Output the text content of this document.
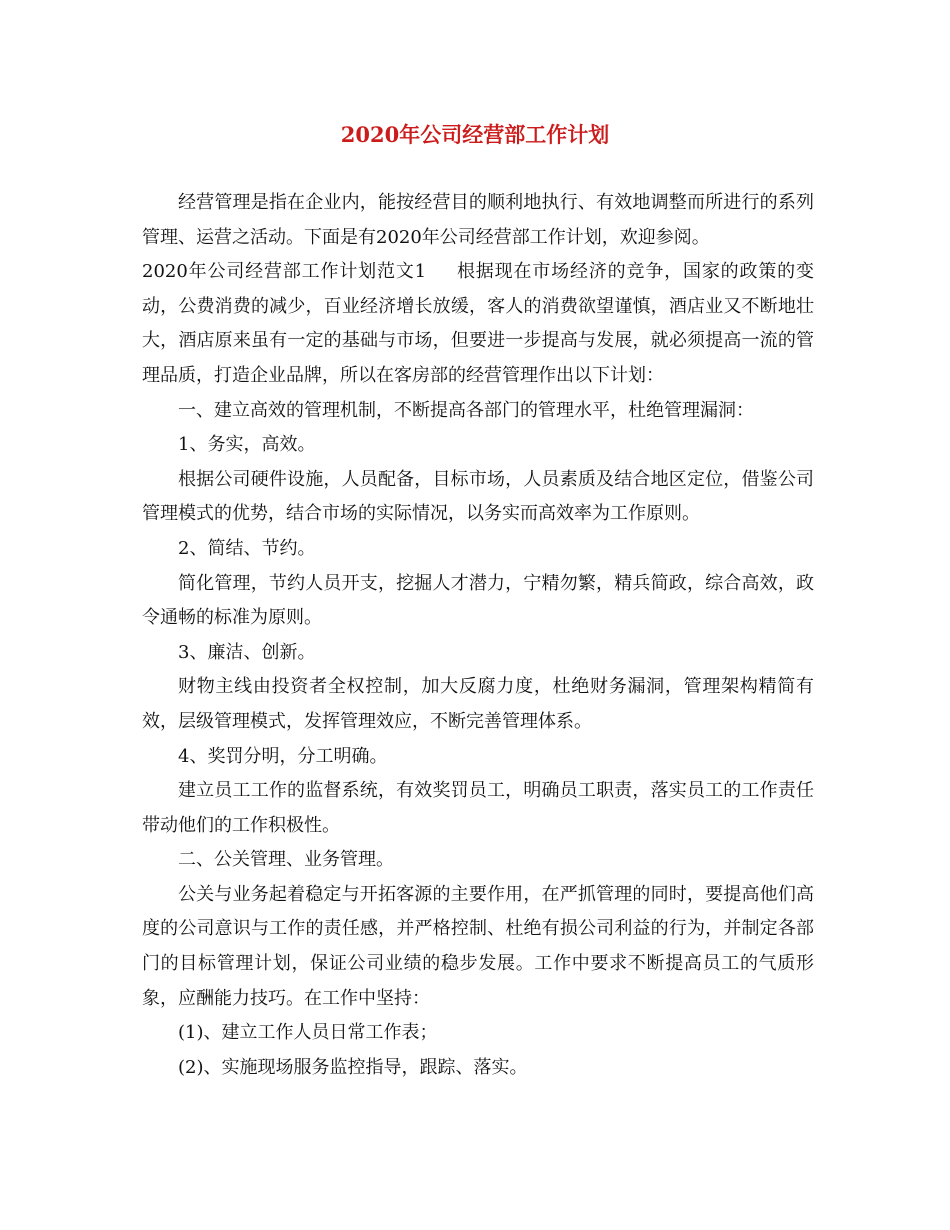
2020年公司经营部工作计划

经营管理是指在企业内，能按经营目的顺利地执行、有效地调整而所进行的系列管理、运营之活动。下面是有2020年公司经营部工作计划，欢迎参阅。

2020年公司经营部工作计划范文1 根据现在市场经济的竞争，国家的政策的变动，公费消费的减少，百业经济增长放缓，客人的消费欲望谨慎，酒店业又不断地壮大，酒店原来虽有一定的基础与市场，但要进一步提高与发展，就必须提高一流的管理品质，打造企业品牌，所以在客房部的经营管理作出以下计划：

一、建立高效的管理机制，不断提高各部门的管理水平，杜绝管理漏洞：

1、务实，高效。

根据公司硬件设施，人员配备，目标市场，人员素质及结合地区定位，借鉴公司管理模式的优势，结合市场的实际情况，以务实而高效率为工作原则。

2、简结、节约。

简化管理，节约人员开支，挖掘人才潜力，宁精勿繁，精兵简政，综合高效，政令通畅的标准为原则。

3、廉洁、创新。

财物主线由投资者全权控制，加大反腐力度，杜绝财务漏洞，管理架构精简有效，层级管理模式，发挥管理效应，不断完善管理体系。

4、奖罚分明，分工明确。

建立员工工作的监督系统，有效奖罚员工，明确员工职责，落实员工的工作责任带动他们的工作积极性。

二、公关管理、业务管理。

公关与业务起着稳定与开拓客源的主要作用，在严抓管理的同时，要提高他们高度的公司意识与工作的责任感，并严格控制、杜绝有损公司利益的行为，并制定各部门的目标管理计划，保证公司业绩的稳步发展。工作中要求不断提高员工的气质形象，应酬能力技巧。在工作中坚持：

(1)、建立工作人员日常工作表；

(2)、实施现场服务监控指导，跟踪、落实。
